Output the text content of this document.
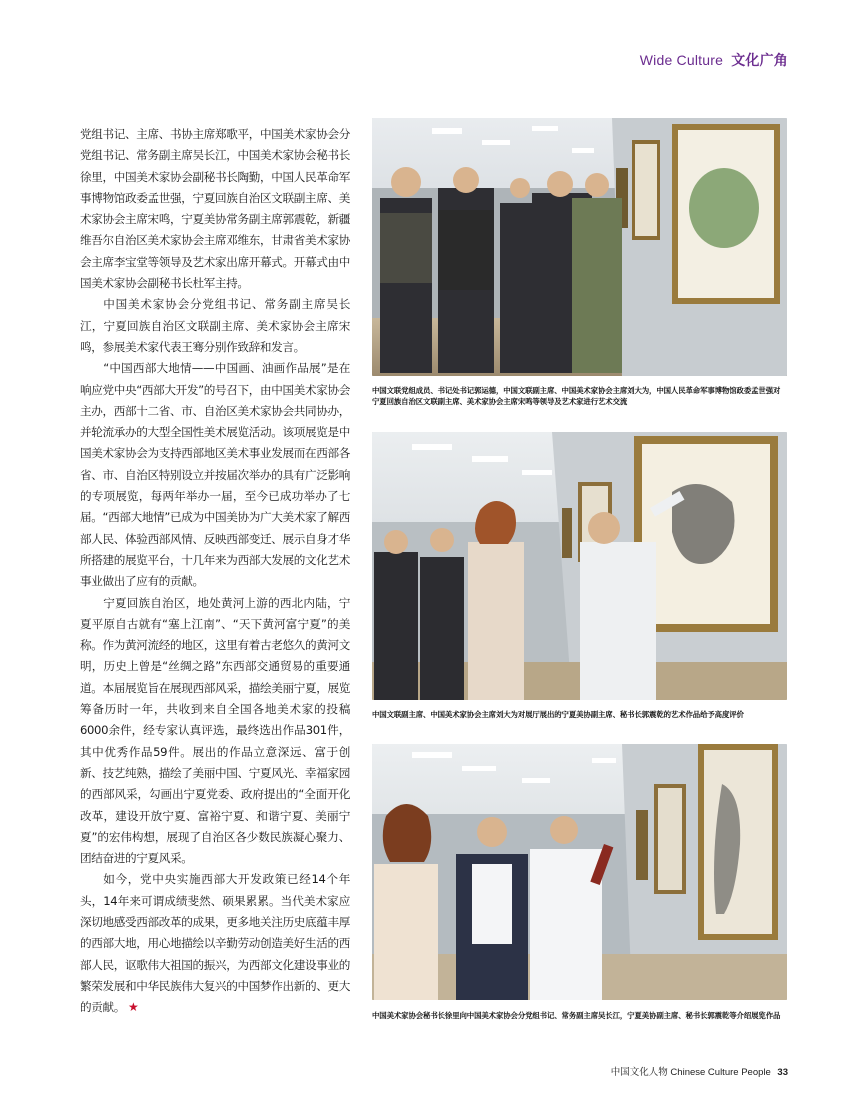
Wide Culture 文化广角

党组书记、主席、书协主席郑歌平，中国美术家协会分党组书记、常务副主席吴长江，中国美术家协会秘书长徐里，中国美术家协会副秘书长陶勤，中国人民革命军事博物馆政委孟世强，宁夏回族自治区文联副主席、美术家协会主席宋鸣，宁夏美协常务副主席郭震乾，新疆维吾尔自治区美术家协会主席邓维东，甘肃省美术家协会主席李宝堂等领导及艺术家出席开幕式。开幕式由中国美术家协会副秘书长杜军主持。

中国美术家协会分党组书记、常务副主席吴长江，宁夏回族自治区文联副主席、美术家协会主席宋鸣，参展美术家代表王骞分别作致辞和发言。

“中国西部大地情——中国画、油画作品展”是在响应党中央“西部大开发”的号召下，由中国美术家协会主办，西部十二省、市、自治区美术家协会共同协办，并轮流承办的大型全国性美术展览活动。该项展览是中国美术家协会为支持西部地区美术事业发展而在西部各省、市、自治区特别设立并按届次举办的具有广泛影响的专项展览，每两年举办一届，至今已成功举办了七届。“西部大地情”已成为中国美协为广大美术家了解西部人民、体验西部风情、反映西部变迁、展示自身才华所搭建的展览平台，十几年来为西部大发展的文化艺术事业做出了应有的贡献。

宁夏回族自治区，地处黄河上游的西北内陆，宁夏平原自古就有“塞上江南”、“天下黄河富宁夏”的美称。作为黄河流经的地区，这里有着古老悠久的黄河文明，历史上曾是“丝绸之路”东西部交通贸易的重要通道。本届展览旨在展现西部风采，描绘美丽宁夏，展览筹备历时一年，共收到来自全国各地美术家的投稿6000余件，经专家认真评选，最终选出作品301件，其中优秀作品59件。展出的作品立意深远、富于创新、技艺纯熟，描绘了美丽中国、宁夏风光、幸福家园的西部风采，勾画出宁夏党委、政府提出的“全面开化改革，建设开放宁夏、富裕宁夏、和谐宁夏、美丽宁夏”的宏伟构想，展现了自治区各少数民族凝心聚力、团结奋进的宁夏风采。

如今，党中央实施西部大开发政策已经14个年头，14年来可谓成绩斐然、硕果累累。当代美术家应深切地感受西部改革的成果，更多地关注历史底蕴丰厚的西部大地，用心地描绘以辛勤劳动创造美好生活的西部人民，讴歌伟大祖国的振兴，为西部文化建设事业的繁荣发展和中华民族伟大复兴的中国梦作出新的、更大的贡献。 ★

中国文联党组成员、书记处书记郭运德，中国文联副主席、中国美术家协会主席刘大为，中国人民革命军事博物馆政委孟世强对宁夏回族自治区文联副主席、美术家协会主席宋鸣等领导及艺术家进行艺术交流
中国文联副主席、中国美术家协会主席刘大为对展厅展出的宁夏美协副主席、秘书长郭震乾的艺术作品给予高度评价
中国美术家协会秘书长徐里向中国美术家协会分党组书记、常务副主席吴长江，宁夏美协副主席、秘书长郭震乾等介绍展览作品
中国文化人物 Chinese Culture People 33
